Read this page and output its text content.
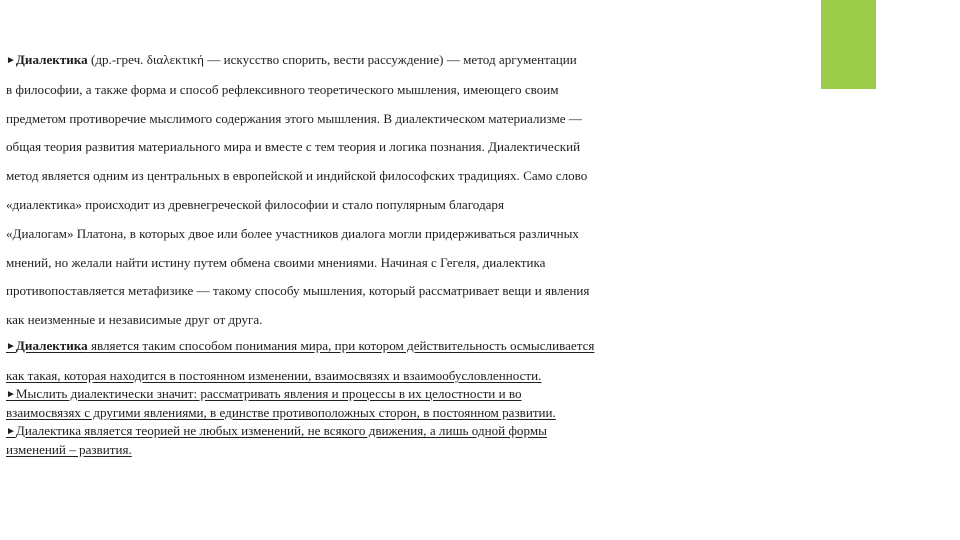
►Диалектика (др.-греч. διαλεκτική — искусство спорить, вести рассуждение) — метод аргументации
в философии, а также форма и способ рефлексивного теоретического мышления, имеющего своим
предметом противоречие мыслимого содержания этого мышления. В диалектическом материализме —
общая теория развития материального мира и вместе с тем теория и логика познания. Диалектический
метод является одним из центральных в европейской и индийской философских традициях. Само слово
«диалектика» происходит из древнегреческой философии и стало популярным благодаря
«Диалогам» Платона, в которых двое или более участников диалога могли придерживаться различных
мнений, но желали найти истину путем обмена своими мнениями. Начиная с Гегеля, диалектика
противопоставляется метафизике — такому способу мышления, который рассматривает вещи и явления
как неизменные и независимые друг от друга.
►Диалектика является таким способом понимания мира, при котором действительность осмысливается
как такая, которая находится в постоянном изменении, взаимосвязях и взаимообусловленности.
►Мыслить диалектически значит: рассматривать явления и процессы в их целостности и во
взаимосвязях с другими явлениями, в единстве противоположных сторон, в постоянном развитии.
►Диалектика является теорией не любых изменений, не всякого движения, а лишь одной формы
изменений – развития.
